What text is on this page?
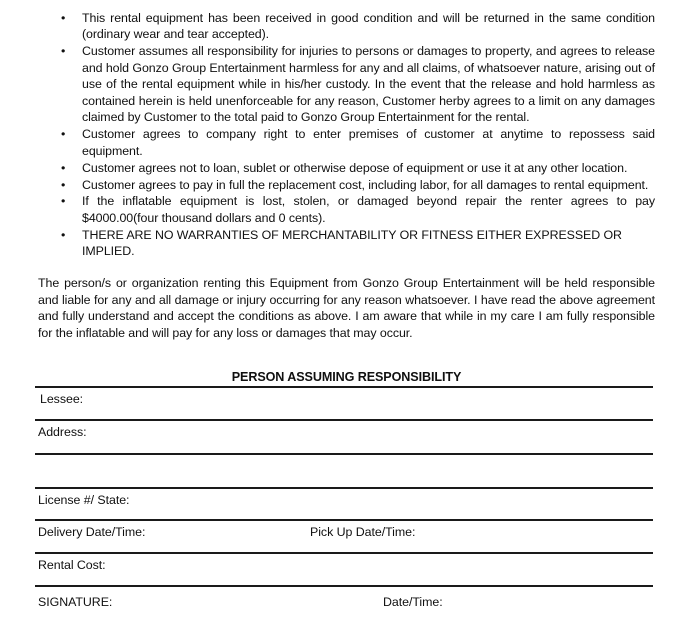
• This rental equipment has been received in good condition and will be returned in the same condition (ordinary wear and tear accepted).
• Customer assumes all responsibility for injuries to persons or damages to property, and agrees to release and hold Gonzo Group Entertainment harmless for any and all claims, of whatsoever nature, arising out of use of the rental equipment while in his/her custody. In the event that the release and hold harmless as contained herein is held unenforceable for any reason, Customer herby agrees to a limit on any damages claimed by Customer to the total paid to Gonzo Group Entertainment for the rental.
• Customer agrees to company right to enter premises of customer at anytime to repossess said equipment.
• Customer agrees not to loan, sublet or otherwise depose of equipment or use it at any other location.
• Customer agrees to pay in full the replacement cost, including labor, for all damages to rental equipment.
• If the inflatable equipment is lost, stolen, or damaged beyond repair the renter agrees to pay $4000.00(four thousand dollars and 0 cents).
• THERE ARE NO WARRANTIES OF MERCHANTABILITY OR FITNESS EITHER EXPRESSED OR IMPLIED.

The person/s or organization renting this Equipment from Gonzo Group Entertainment will be held responsible and liable for any and all damage or injury occurring for any reason whatsoever. I have read the above agreement and fully understand and accept the conditions as above. I am aware that while in my care I am fully responsible for the inflatable and will pay for any loss or damages that may occur.

PERSON ASSUMING RESPONSIBILITY
Lessee:
Address:
License #/ State:
Delivery Date/Time:	Pick Up Date/Time:
Rental Cost:
SIGNATURE:	Date/Time:
